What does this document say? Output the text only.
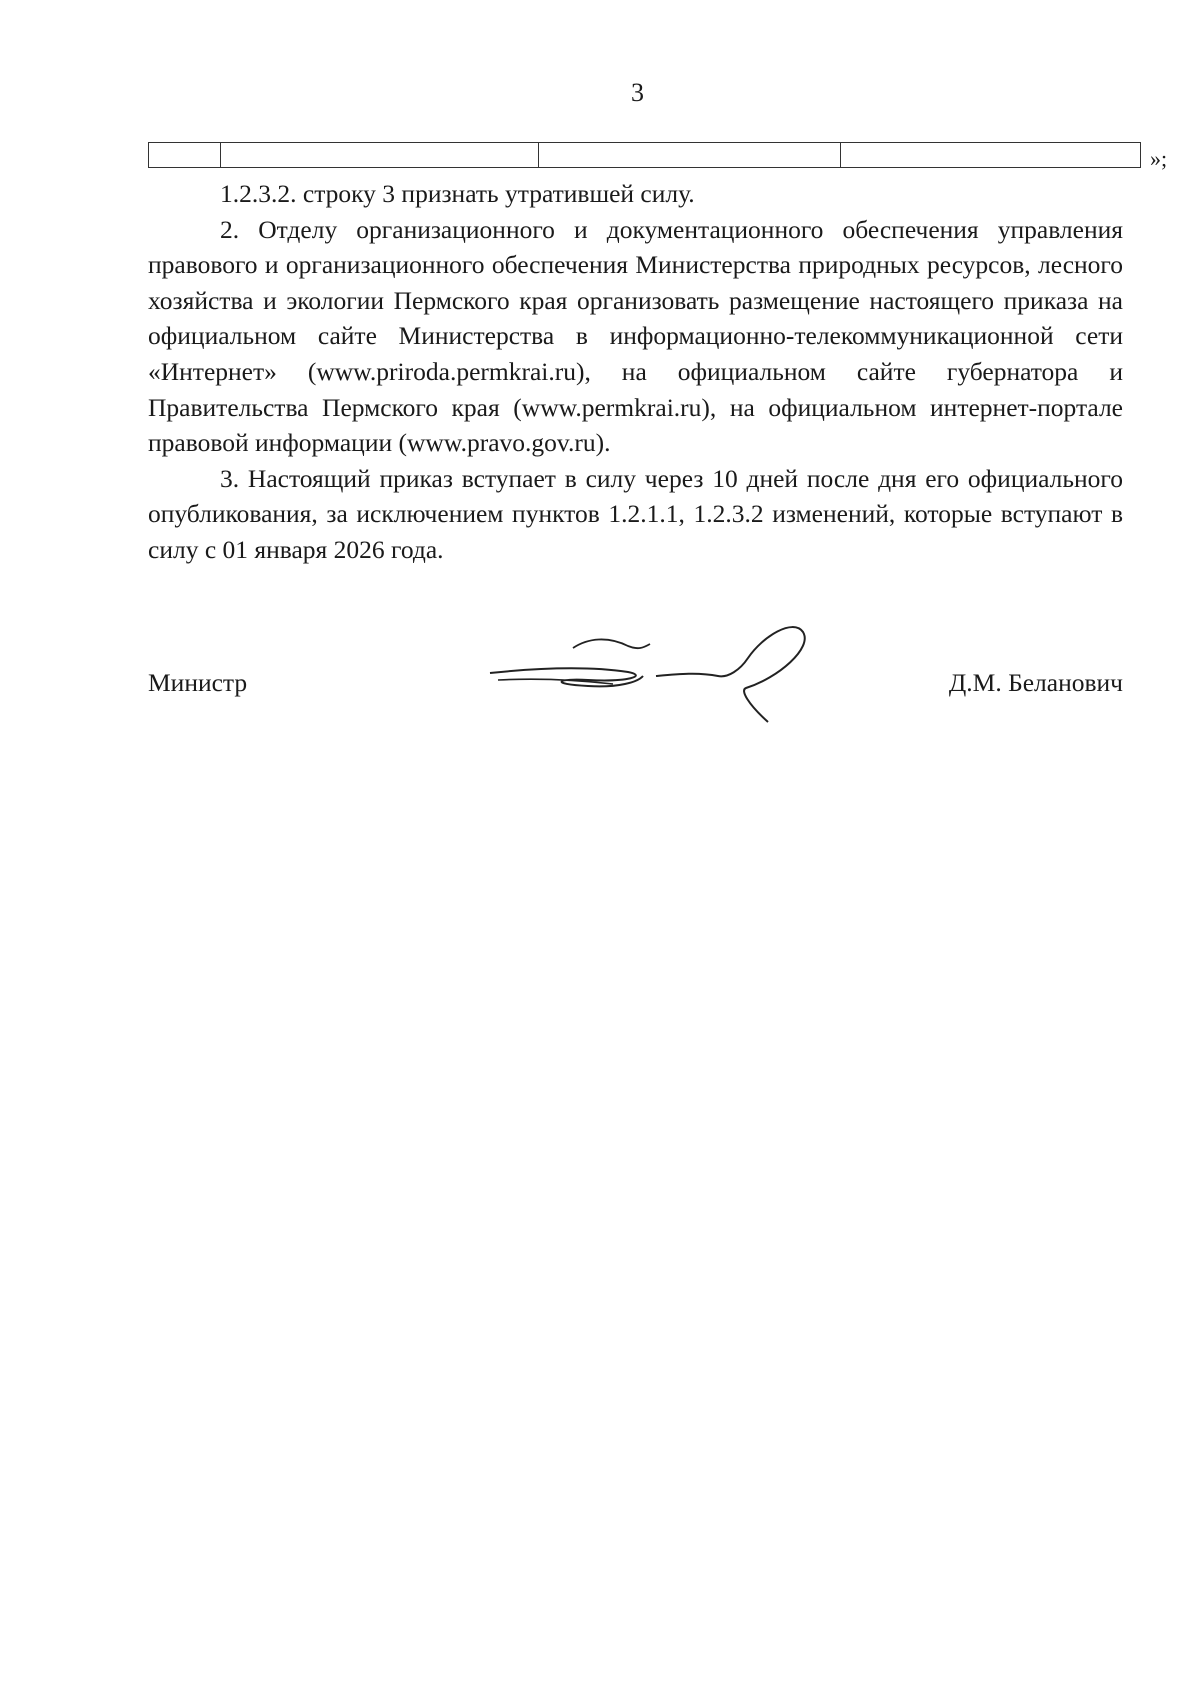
3
»;

1.2.3.2. строку 3 признать утратившей силу.

2. Отделу организационного и документационного обеспечения управления правового и организационного обеспечения Министерства природных ресурсов, лесного хозяйства и экологии Пермского края организовать размещение настоящего приказа на официальном сайте Министерства в информационно-телекоммуникационной сети «Интернет» (www.prirodа.permkrai.ru), на официальном сайте губернатора и Правительства Пермского края (www.permkrai.ru), на официальном интернет-портале правовой информации (www.pravo.gov.ru).

3. Настоящий приказ вступает в силу через 10 дней после дня его официального опубликования, за исключением пунктов 1.2.1.1, 1.2.3.2 изменений, которые вступают в силу с 01 января 2026 года.

Министр	Д.М. Беланович
